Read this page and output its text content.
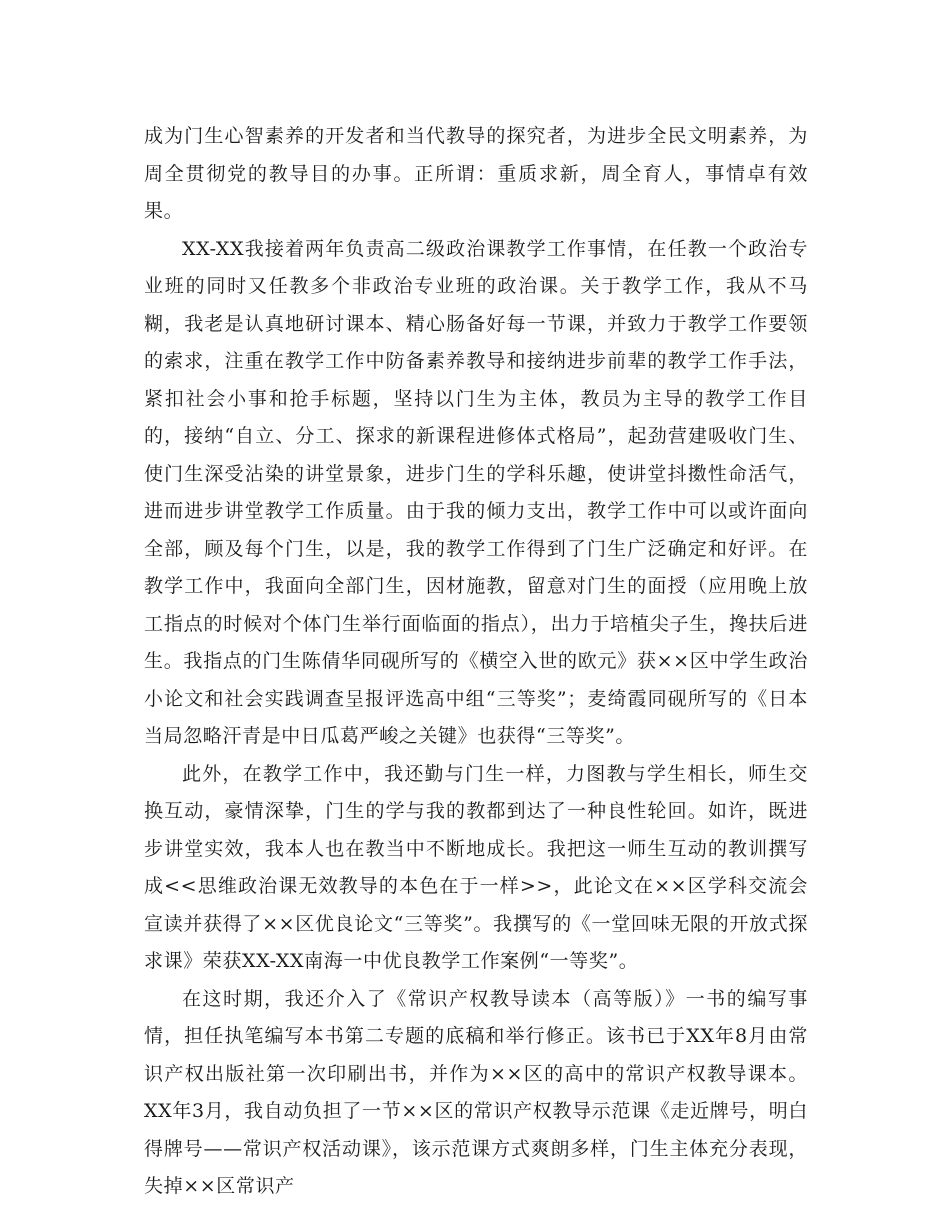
成为门生心智素养的开发者和当代教导的探究者，为进步全民文明素养，为周全贯彻党的教导目的办事。正所谓：重质求新，周全育人，事情卓有效果。

XX-XX我接着两年负责高二级政治课教学工作事情，在任教一个政治专业班的同时又任教多个非政治专业班的政治课。关于教学工作，我从不马糊，我老是认真地研讨课本、精心肠备好每一节课，并致力于教学工作要领的索求，注重在教学工作中防备素养教导和接纳进步前辈的教学工作手法，紧扣社会小事和抢手标题，坚持以门生为主体，教员为主导的教学工作目的，接纳“自立、分工、探求的新课程进修体式格局”，起劲营建吸收门生、使门生深受沾染的讲堂景象，进步门生的学科乐趣，使讲堂抖擞性命活气，进而进步讲堂教学工作质量。由于我的倾力支出，教学工作中可以或许面向全部，顾及每个门生，以是，我的教学工作得到了门生广泛确定和好评。在教学工作中，我面向全部门生，因材施教，留意对门生的面授（应用晚上放工指点的时候对个体门生举行面临面的指点），出力于培植尖子生，搀扶后进生。我指点的门生陈倩华同砚所写的《横空入世的欧元》获××区中学生政治小论文和社会实践调查呈报评选高中组“三等奖”；麦绮霞同砚所写的《日本当局忽略汗青是中日瓜葛严峻之关键》也获得“三等奖”。

此外，在教学工作中，我还勤与门生一样，力图教与学生相长，师生交换互动，豪情深挚，门生的学与我的教都到达了一种良性轮回。如许，既进步讲堂实效，我本人也在教当中不断地成长。我把这一师生互动的教训撰写成<<思维政治课无效教导的本色在于一样>>，此论文在××区学科交流会宣读并获得了××区优良论文“三等奖”。我撰写的《一堂回味无限的开放式探求课》荣获XX-XX南海一中优良教学工作案例“一等奖”。

在这时期，我还介入了《常识产权教导读本（高等版）》一书的编写事情，担任执笔编写本书第二专题的底稿和举行修正。该书已于XX年8月由常识产权出版社第一次印刷出书，并作为××区的高中的常识产权教导课本。XX年3月，我自动负担了一节××区的常识产权教导示范课《走近牌号，明白得牌号——常识产权活动课》，该示范课方式爽朗多样，门生主体充分表现，失掉××区常识产
